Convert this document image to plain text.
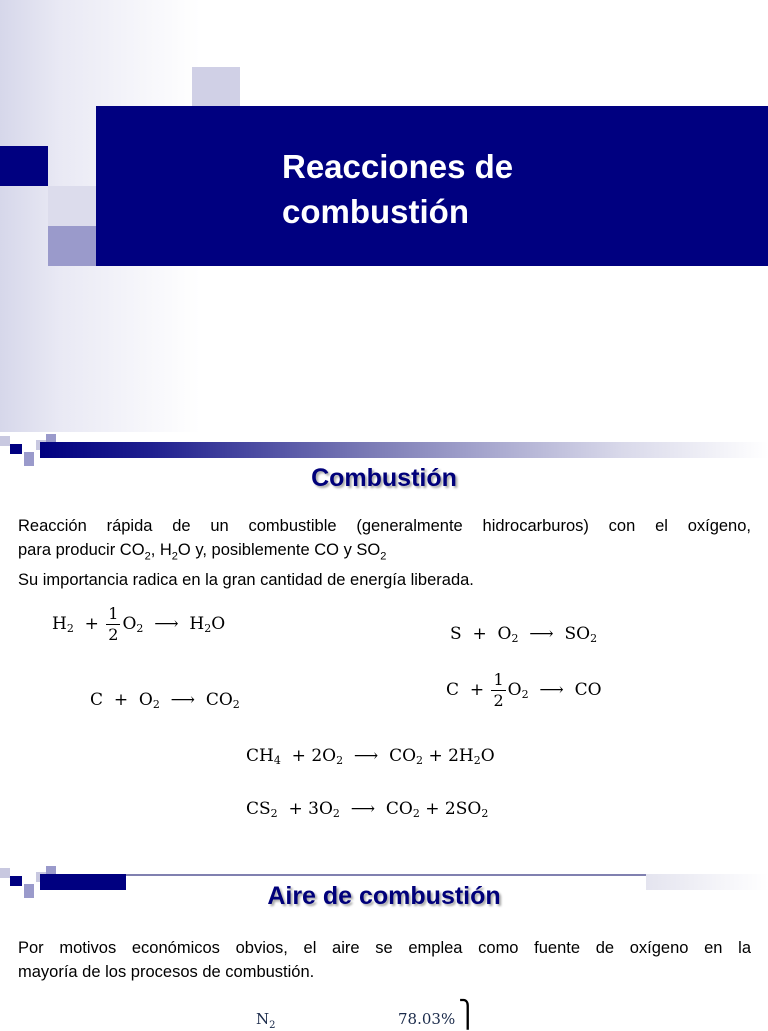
Reacciones de
combustión
Combustión
Reacción rápida de un combustible (generalmente hidrocarburos) con el oxígeno,
para producir $CO_2$, $H_2O$ y, posiblemente CO y $SO_2$
Su importancia radica en la gran cantidad de energía liberada.
$H_2 + \frac{1}{2} O_2$ ⟶ $H_2O$	$S + O_2$ ⟶ $SO_2$
$C + O_2$ ⟶ $CO_2$
$C + \frac{1}{2} O_2$ ⟶ CO
$CH_4 + 2O_2$ ⟶ $CO_2 + 2H_2O$
$CS_2 + 3O_2$ ⟶ $CO_2 + 2SO_2$
Aire de combustión
Por motivos económicos obvios, el aire se emplea como fuente de oxígeno en la
mayoría de los procesos de combustión.
$N_2$	78.03% ⎫
